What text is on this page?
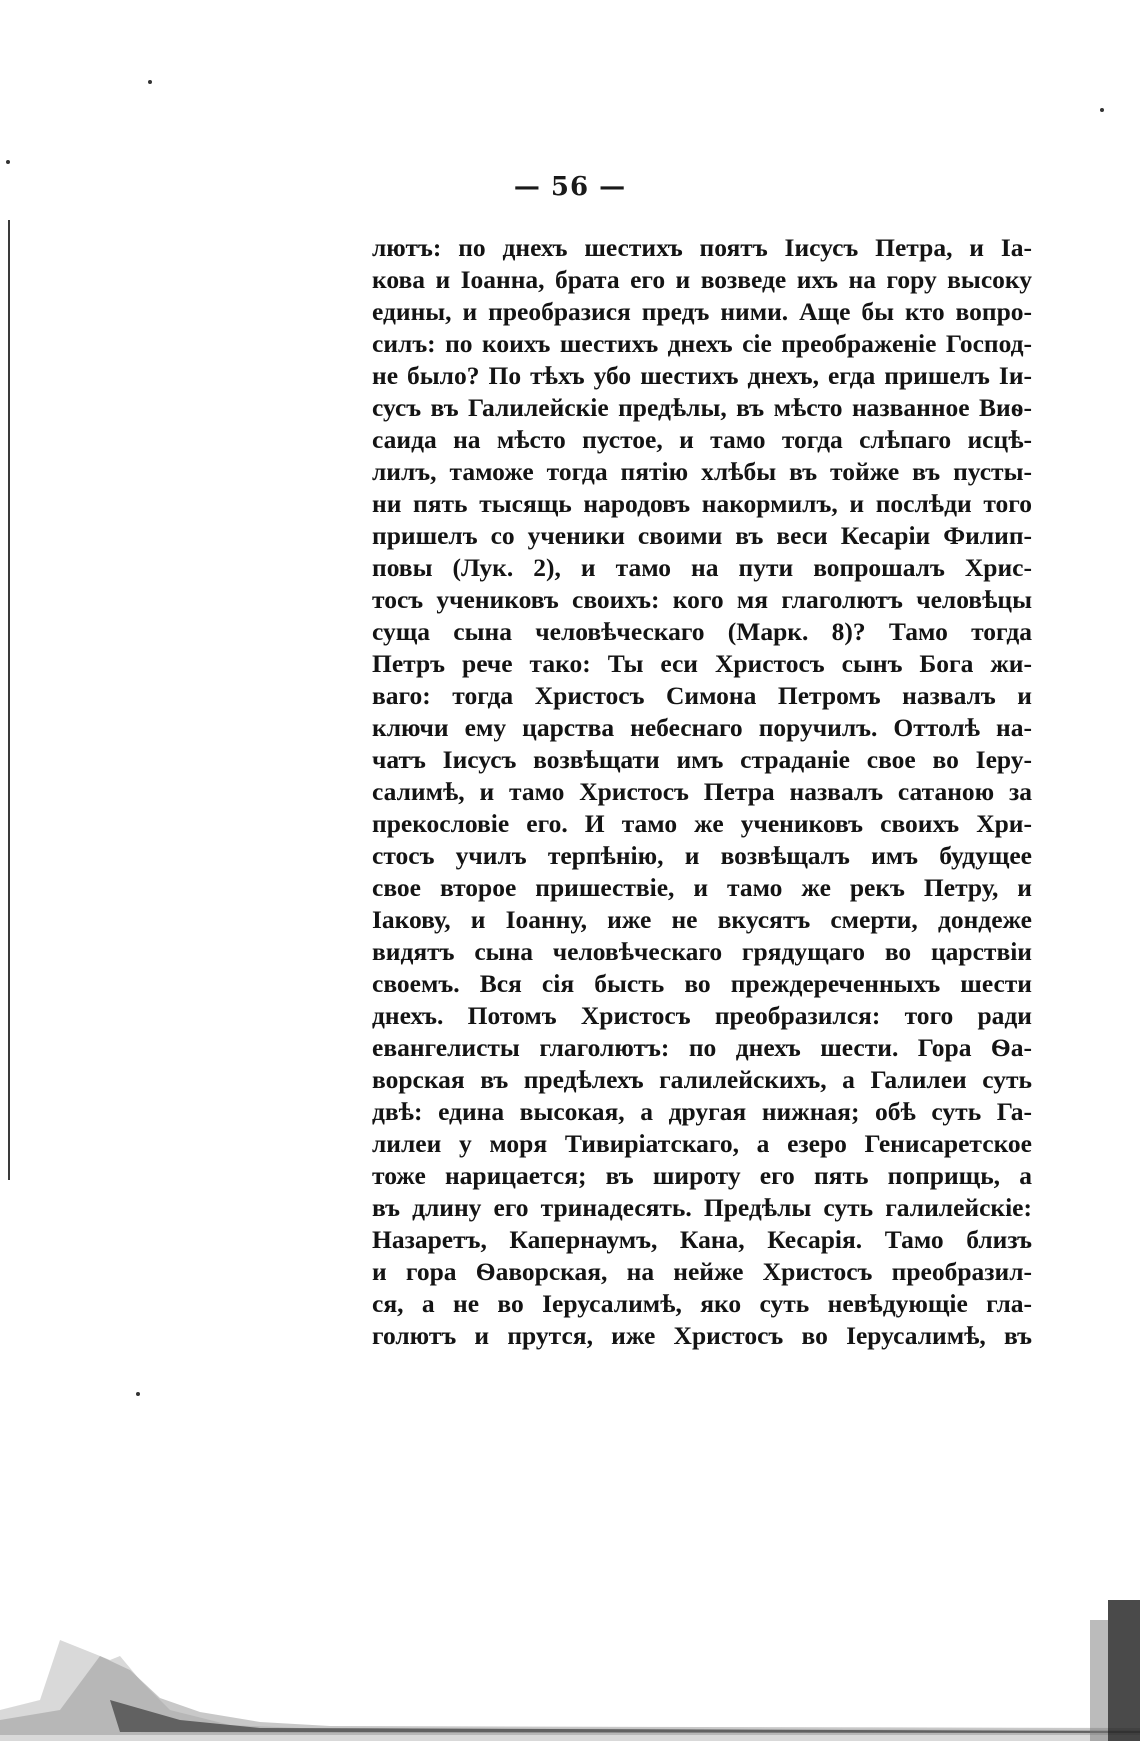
— 56 —
лютъ: по днехъ шестихъ поятъ Іисусъ Петра, и Іа-
кова и Іоанна, брата его и возведе ихъ на гору высоку
едины, и преобразися предъ ними. Аще бы кто вопро-
силъ: по коихъ шестихъ днехъ сіе преображеніе Господ-
не было? По тѣхъ убо шестихъ днехъ, егда пришелъ Іи-
сусъ въ Галилейскіе предѣлы, въ мѣсто названное Виѳ-
саида на мѣсто пустое, и тамо тогда слѣпаго исцѣ-
лилъ, таможе тогда пятію хлѣбы въ тойже въ пусты-
ни пять тысящь народовъ накормилъ, и послѣди того
пришелъ со ученики своими въ веси Кесаріи Филип-
повы (Лук. 2), и тамо на пути вопрошалъ Хрис-
тосъ учениковъ своихъ: кого мя глаголютъ человѣцы
суща сына человѣческаго (Марк. 8)? Тамо тогда
Петръ рече тако: Ты еси Христосъ сынъ Бога жи-
ваго: тогда Христосъ Симона Петромъ назвалъ и
ключи ему царства небеснаго поручилъ. Оттолѣ на-
чатъ Іисусъ возвѣщати имъ страданіе свое во Іеру-
салимѣ, и тамо Христосъ Петра назвалъ сатаною за
прекословіе его. И тамо же учениковъ своихъ Хри-
стосъ училъ терпѣнію, и возвѣщалъ имъ будущее
свое второе пришествіе, и тамо же рекъ Петру, и
Іакову, и Іоанну, иже не вкусятъ смерти, дондеже
видятъ сына человѣческаго грядущаго во царствіи
своемъ. Вся сія бысть во преждереченныхъ шести
днехъ. Потомъ Христосъ преобразился: того ради
евангелисты глаголютъ: по днехъ шести. Гора Ѳа-
ворская въ предѣлехъ галилейскихъ, а Галилеи суть
двѣ: едина высокая, а другая нижная; обѣ суть Га-
лилеи у моря Тивиріатскаго, а езеро Генисаретское
тоже нарицается; въ широту его пять поприщь, а
въ длину его тринадесять. Предѣлы суть галилейскіе:
Назаретъ, Капернаумъ, Кана, Кесарія. Тамо близъ
и гора Ѳаворская, на нейже Христосъ преобразил-
ся, а не во Іерусалимѣ, яко суть невѣдующіе гла-
голютъ и прутся, иже Христосъ во Іерусалимѣ, въ
